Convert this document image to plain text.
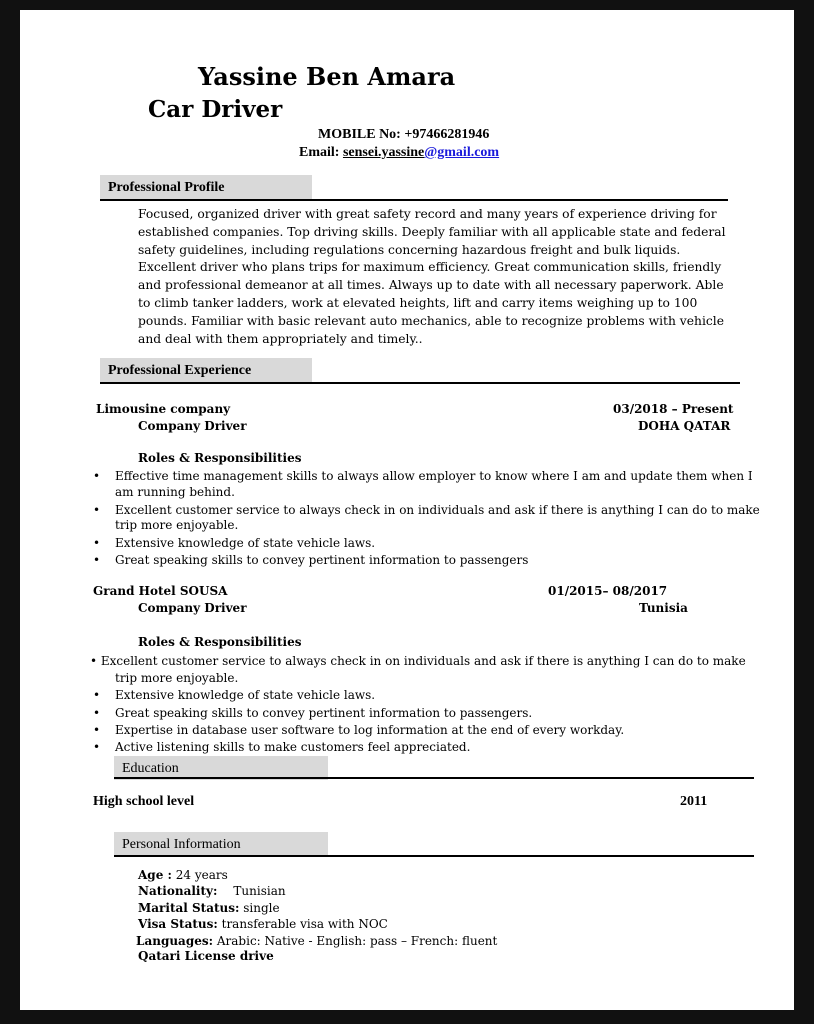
Yassine Ben Amara
Car Driver
MOBILE No: +97466281946
Email: sensei.yassine@gmail.com
Professional Profile
Focused, organized driver with great safety record and many years of experience driving for established companies. Top driving skills. Deeply familiar with all applicable state and federal safety guidelines, including regulations concerning hazardous freight and bulk liquids. Excellent driver who plans trips for maximum efficiency. Great communication skills, friendly and professional demeanor at all times. Always up to date with all necessary paperwork. Able to climb tanker ladders, work at elevated heights, lift and carry items weighing up to 100 pounds. Familiar with basic relevant auto mechanics, able to recognize problems with vehicle and deal with them appropriately and timely..
Professional Experience
Limousine company	03/2018 – Present
Company Driver	DOHA QATAR
Roles & Responsibilities
• Effective time management skills to always allow employer to know where I am and update them when I
am running behind.
• Excellent customer service to always check in on individuals and ask if there is anything I can do to make
trip more enjoyable.
• Extensive knowledge of state vehicle laws.
• Great speaking skills to convey pertinent information to passengers
Grand Hotel SOUSA	01/2015– 08/2017
Company Driver	Tunisia
Roles & Responsibilities
• Excellent customer service to always check in on individuals and ask if there is anything I can do to make
trip more enjoyable.
• Extensive knowledge of state vehicle laws.
• Great speaking skills to convey pertinent information to passengers.
• Expertise in database user software to log information at the end of every workday.
• Active listening skills to make customers feel appreciated.
Education
High school level	2011
Personal Information
Age : 24 years
Nationality: Tunisian
Marital Status: single
Visa Status: transferable visa with NOC
Languages: Arabic: Native - English: pass – French: fluent
Qatari License drive
